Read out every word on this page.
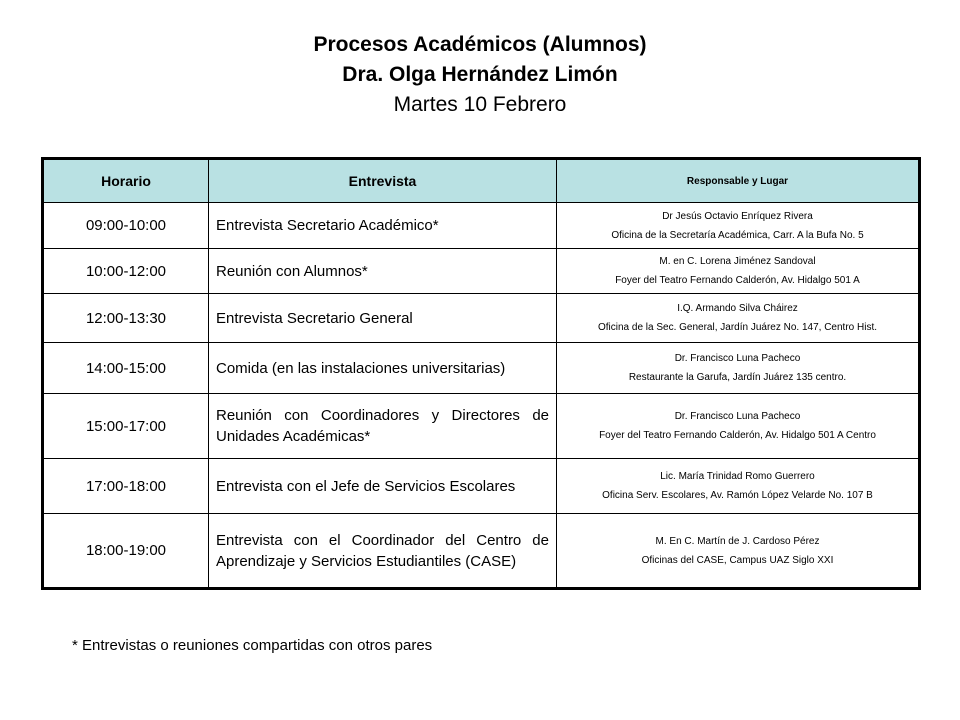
Procesos Académicos (Alumnos)
Dra. Olga Hernández Limón
Martes 10 Febrero
Horario	Entrevista	Responsable y Lugar
09:00-10:00	Entrevista Secretario Académico*	Dr Jesús Octavio Enríquez Rivera
Oficina de la Secretaría Académica, Carr. A la Bufa No. 5

10:00-12:00	Reunión con Alumnos*	M. en C. Lorena Jiménez Sandoval
Foyer del Teatro Fernando Calderón, Av. Hidalgo 501 A

12:00-13:30	Entrevista Secretario General	I.Q. Armando Silva Cháirez
Oficina de la Sec. General, Jardín Juárez No. 147, Centro Hist.

14:00-15:00	Comida (en las instalaciones universitarias)	Dr. Francisco Luna Pacheco
Restaurante la Garufa, Jardín Juárez 135 centro.

15:00-17:00	Reunión con Coordinadores y Directores de Unidades Académicas*	Dr. Francisco Luna Pacheco
Foyer del Teatro Fernando Calderón, Av. Hidalgo 501 A Centro

17:00-18:00	Entrevista con el Jefe de Servicios Escolares	Lic. María Trinidad Romo Guerrero
Oficina Serv. Escolares, Av. Ramón López Velarde No. 107 B

18:00-19:00	Entrevista con el Coordinador del Centro de Aprendizaje y Servicios Estudiantiles (CASE)	M. En C. Martín de J. Cardoso Pérez
Oficinas del CASE, Campus UAZ Siglo XXI
* Entrevistas o reuniones compartidas con otros pares
